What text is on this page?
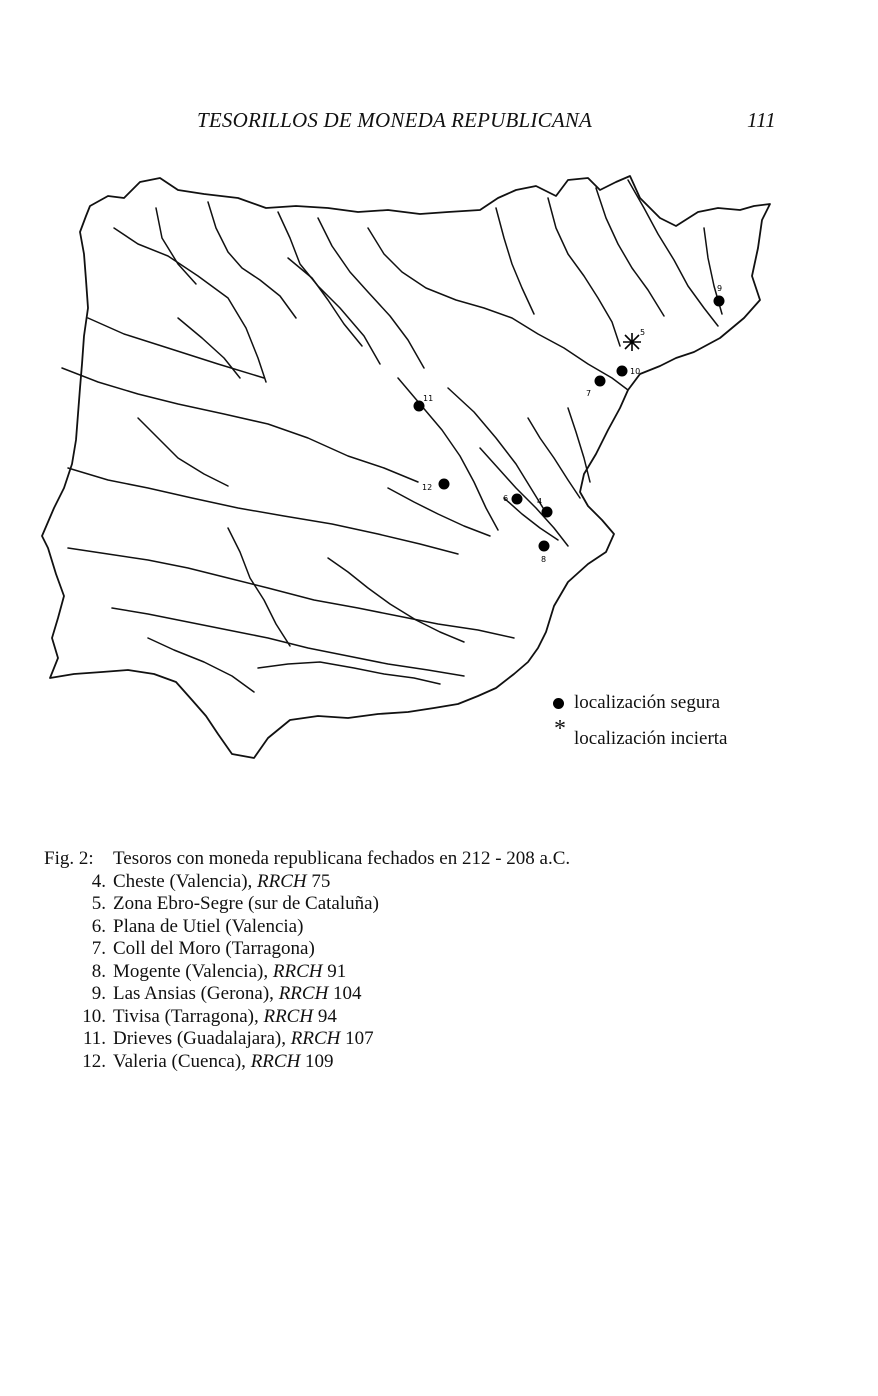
TESORILLOS DE MONEDA REPUBLICANA	111
4
5
6
7
8
9
10
11
12
localización segura
* localización incierta
Fig. 2: Tesoros con moneda republicana fechados en 212 - 208 a.C.
4. Cheste (Valencia), RRCH 75
5. Zona Ebro-Segre (sur de Cataluña)
6. Plana de Utiel (Valencia)
7. Coll del Moro (Tarragona)
8. Mogente (Valencia), RRCH 91
9. Las Ansias (Gerona), RRCH 104
10. Tivisa (Tarragona), RRCH 94
11. Drieves (Guadalajara), RRCH 107
12. Valeria (Cuenca), RRCH 109
